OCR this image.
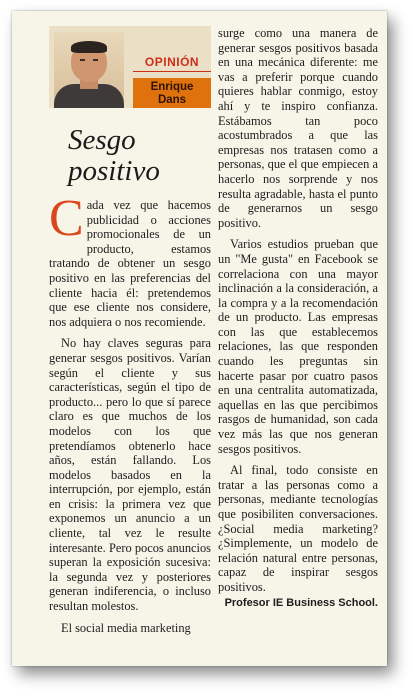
OPINIÓN
Enrique
Dans
Sesgo
positivo

Cada vez que hacemos publicidad o acciones promocionales de un producto, estamos tratando de obtener un sesgo positivo en las preferencias del cliente hacia él: pretendemos que ese cliente nos considere, nos adquiera o nos recomiende.

No hay claves seguras para generar sesgos positivos. Varían según el cliente y sus características, según el tipo de producto... pero lo que sí parece claro es que muchos de los modelos con los que pretendíamos obtenerlo hace años, están fallando. Los modelos basados en la interrupción, por ejemplo, están en crisis: la primera vez que exponemos un anuncio a un cliente, tal vez le resulte interesante. Pero pocos anuncios superan la exposición sucesiva: la segunda vez y posteriores generan indiferencia, o incluso resultan molestos.

El social media marketing

surge como una manera de generar sesgos positivos basada en una mecánica diferente: me vas a preferir porque cuando quieres hablar conmigo, estoy ahí y te inspiro confianza. Estábamos tan poco acostumbrados a que las empresas nos tratasen como a personas, que el que empiecen a hacerlo nos sorprende y nos resulta agradable, hasta el punto de generarnos un sesgo positivo.

Varios estudios prueban que un "Me gusta" en Facebook se correlaciona con una mayor inclinación a la consideración, a la compra y a la recomendación de un producto. Las empresas con las que establecemos relaciones, las que responden cuando les preguntas sin hacerte pasar por cuatro pasos en una centralita automatizada, aquellas en las que percibimos rasgos de humanidad, son cada vez más las que nos generan sesgos positivos.

Al final, todo consiste en tratar a las personas como a personas, mediante tecnologías que posibiliten conversaciones. ¿Social media marketing? ¿Simplemente, un modelo de relación natural entre personas, capaz de inspirar sesgos positivos.

Profesor IE Business School.
